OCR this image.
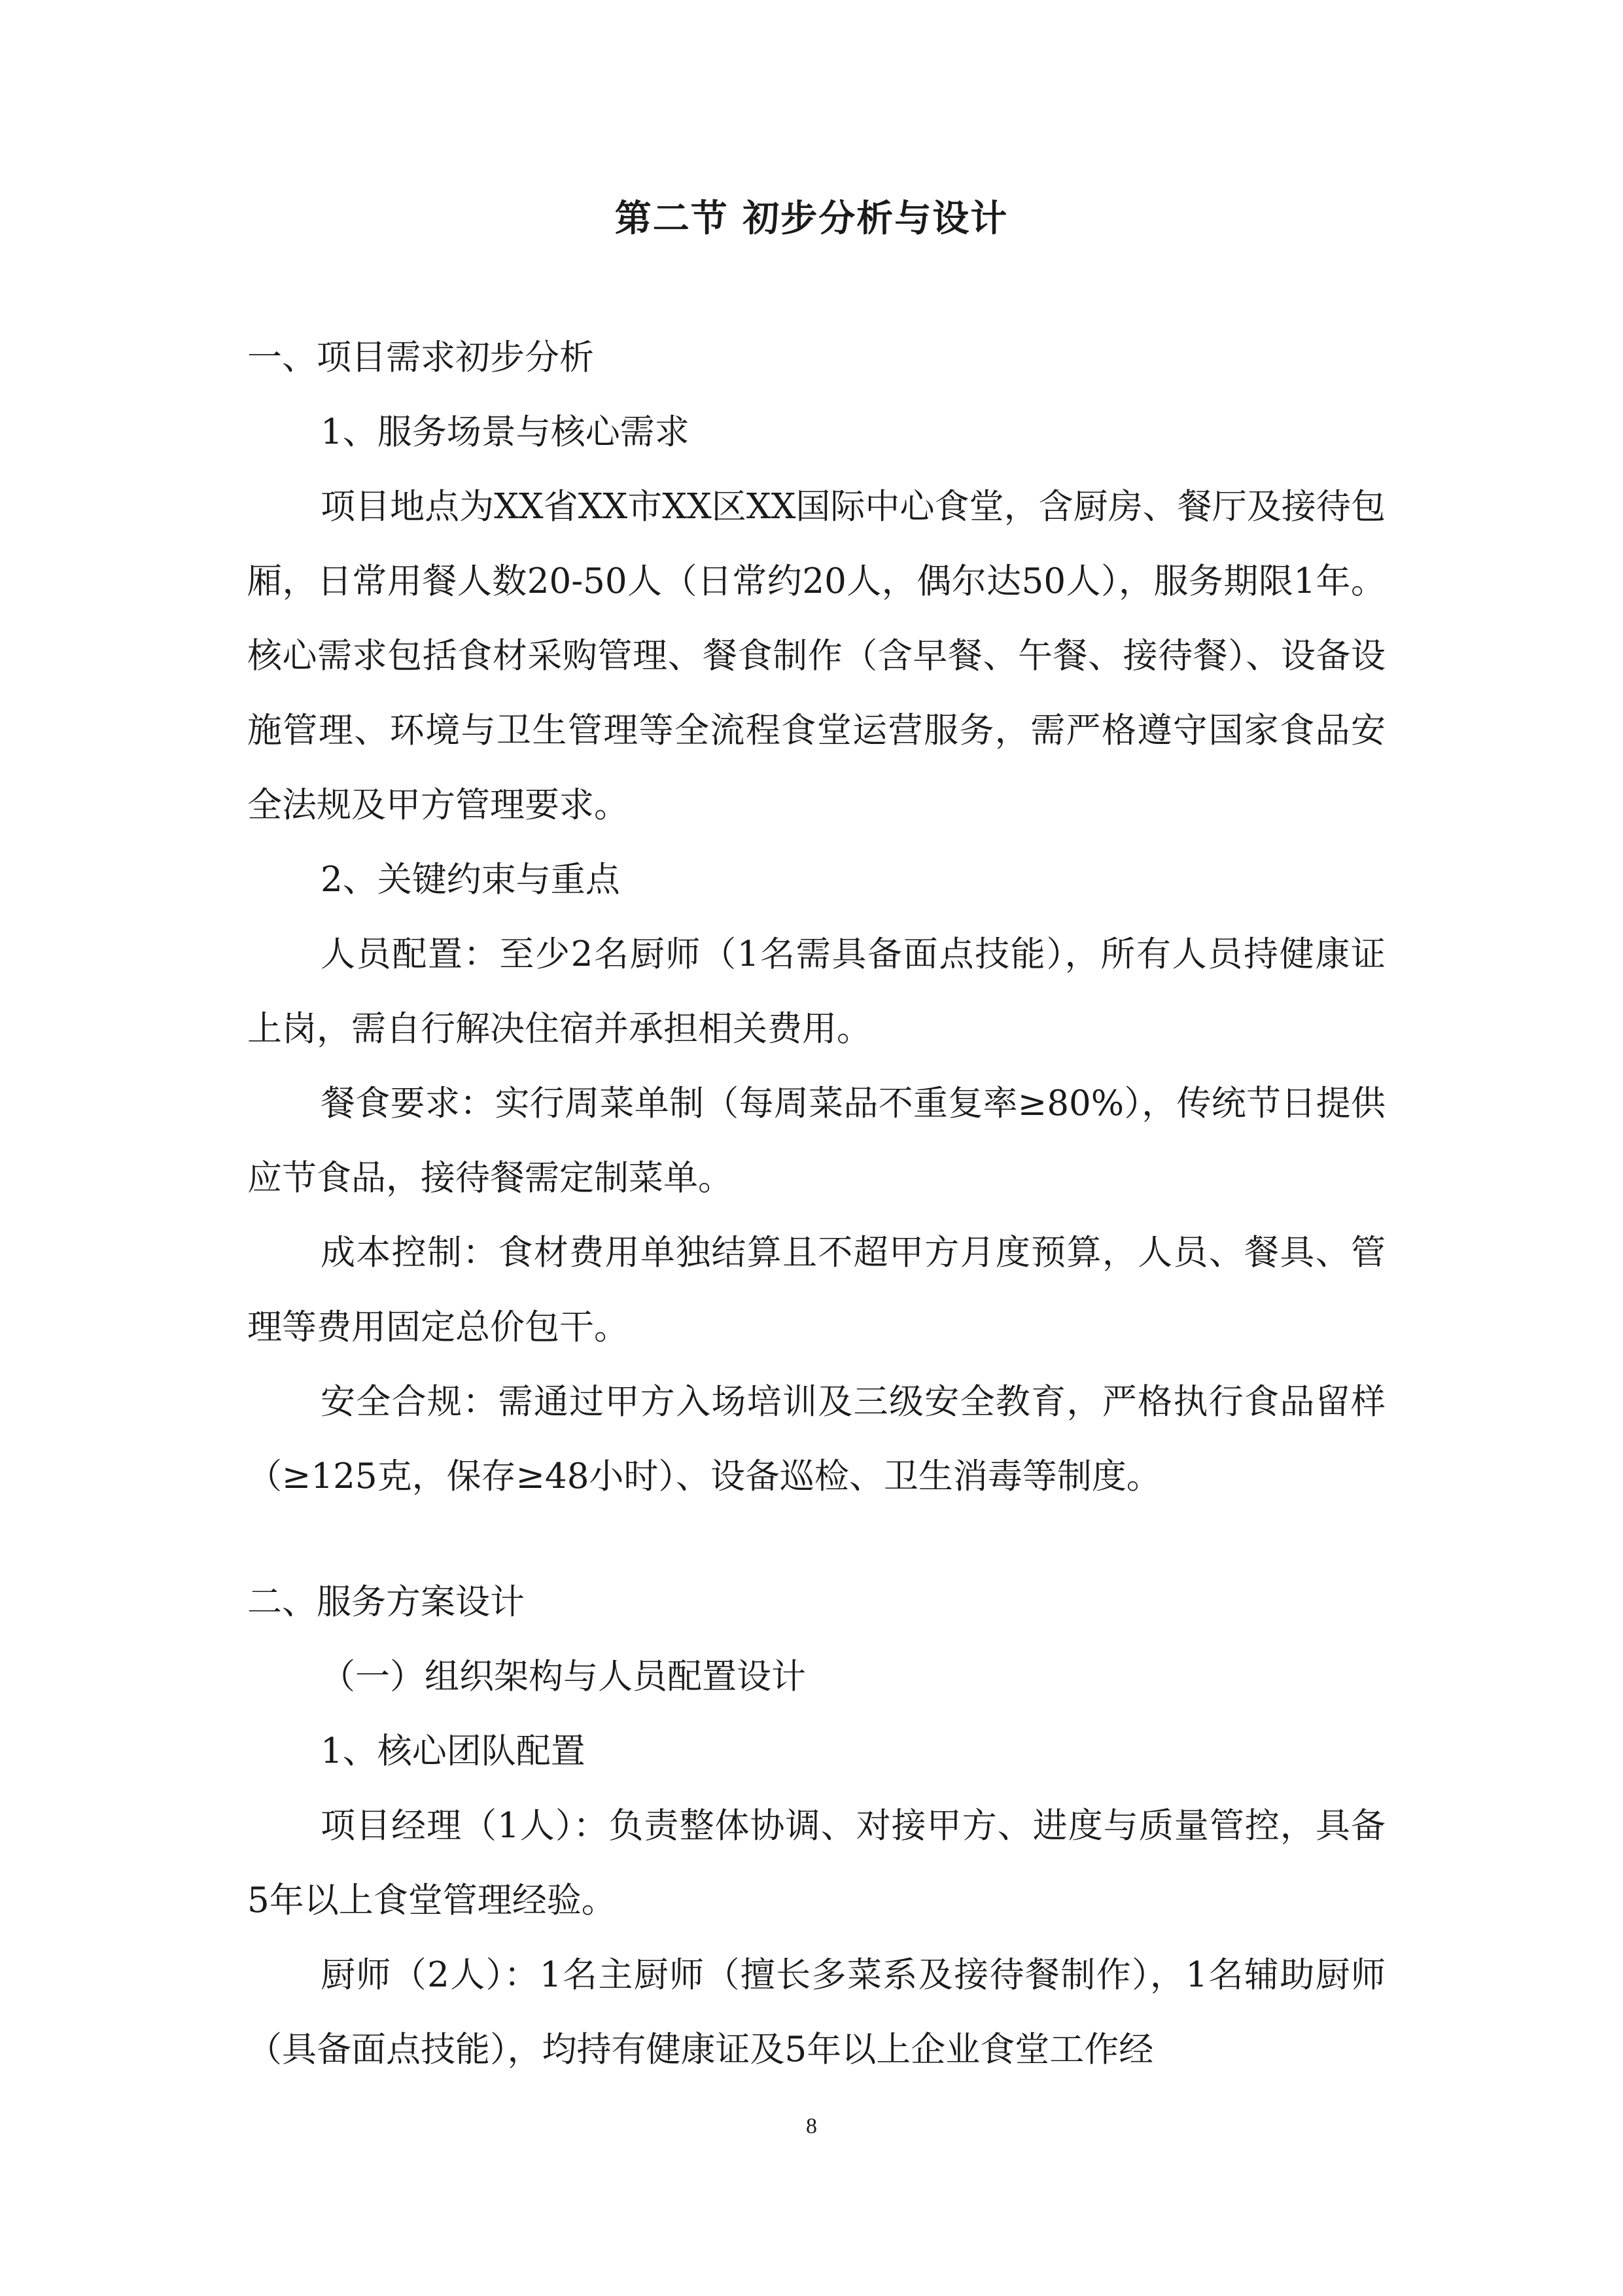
第二节 初步分析与设计

一、项目需求初步分析

1、服务场景与核心需求

项目地点为XX省XX市XX区XX国际中心食堂，含厨房、餐厅及接待包厢，日常用餐人数20-50人（日常约20人，偶尔达50人），服务期限1年。核心需求包括食材采购管理、餐食制作（含早餐、午餐、接待餐）、设备设施管理、环境与卫生管理等全流程食堂运营服务，需严格遵守国家食品安全法规及甲方管理要求。

2、关键约束与重点

人员配置：至少2名厨师（1名需具备面点技能），所有人员持健康证上岗，需自行解决住宿并承担相关费用。

餐食要求：实行周菜单制（每周菜品不重复率≥80%），传统节日提供应节食品，接待餐需定制菜单。

成本控制：食材费用单独结算且不超甲方月度预算，人员、餐具、管理等费用固定总价包干。

安全合规：需通过甲方入场培训及三级安全教育，严格执行食品留样（≥125克，保存≥48小时）、设备巡检、卫生消毒等制度。

二、服务方案设计

（一）组织架构与人员配置设计

1、核心团队配置

项目经理（1人）：负责整体协调、对接甲方、进度与质量管控，具备5年以上食堂管理经验。

厨师（2人）：1名主厨师（擅长多菜系及接待餐制作），1名辅助厨师（具备面点技能），均持有健康证及5年以上企业食堂工作经

8
